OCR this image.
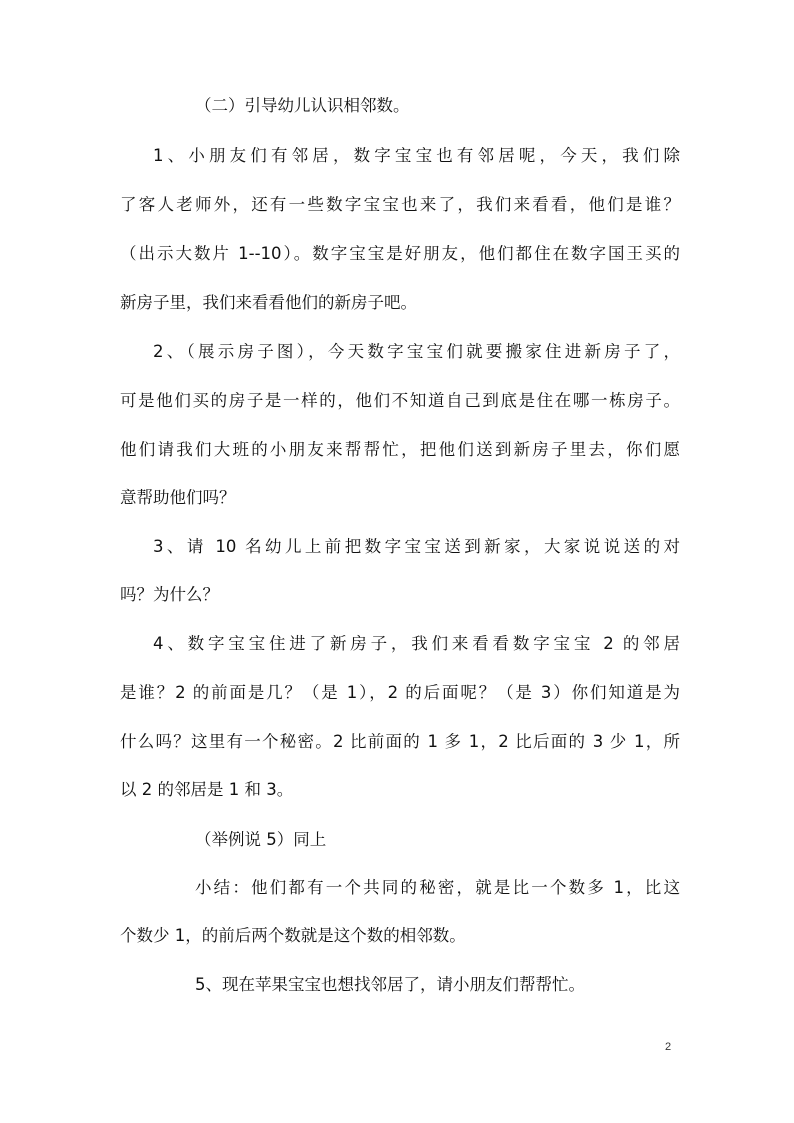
（二）引导幼儿认识相邻数。

1、小朋友们有邻居，数字宝宝也有邻居呢，今天，我们除

了客人老师外，还有一些数字宝宝也来了，我们来看看，他们是谁？

（出示大数片 1--10）。数字宝宝是好朋友，他们都住在数字国王买的

新房子里，我们来看看他们的新房子吧。

2、（展示房子图），今天数字宝宝们就要搬家住进新房子了，

可是他们买的房子是一样的，他们不知道自己到底是住在哪一栋房子。

他们请我们大班的小朋友来帮帮忙，把他们送到新房子里去，你们愿

意帮助他们吗？

3、请 10 名幼儿上前把数字宝宝送到新家，大家说说送的对

吗？为什么？

4、数字宝宝住进了新房子，我们来看看数字宝宝 2 的邻居

是谁？2 的前面是几？（是 1），2 的后面呢？（是 3）你们知道是为

什么吗？这里有一个秘密。2 比前面的 1 多 1，2 比后面的 3 少 1，所

以 2 的邻居是 1 和 3。

（举例说 5）同上

小结：他们都有一个共同的秘密，就是比一个数多 1，比这

个数少 1，的前后两个数就是这个数的相邻数。

5、现在苹果宝宝也想找邻居了，请小朋友们帮帮忙。

2
